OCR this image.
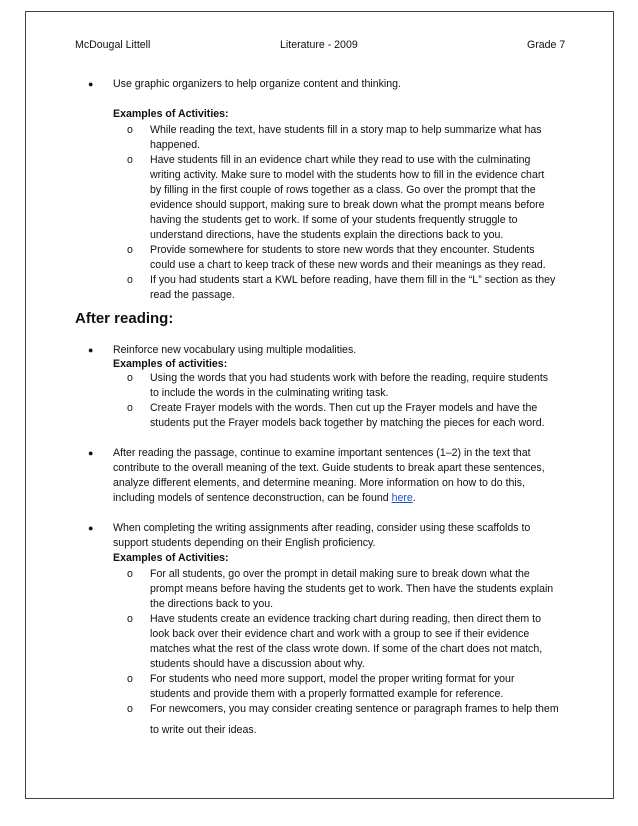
McDougal Littell	Literature - 2009	Grade 7
● Use graphic organizers to help organize content and thinking.
Examples of Activities:
o While reading the text, have students fill in a story map to help summarize what has
happened.
o Have students fill in an evidence chart while they read to use with the culminating
writing activity. Make sure to model with the students how to fill in the evidence chart
by filling in the first couple of rows together as a class. Go over the prompt that the
evidence should support, making sure to break down what the prompt means before
having the students get to work. If some of your students frequently struggle to
understand directions, have the students explain the directions back to you.
o Provide somewhere for students to store new words that they encounter. Students
could use a chart to keep track of these new words and their meanings as they read.
o If you had students start a KWL before reading, have them fill in the “L” section as they
read the passage.
After reading:
● Reinforce new vocabulary using multiple modalities.
Examples of activities:
o Using the words that you had students work with before the reading, require students
to include the words in the culminating writing task.
o Create Frayer models with the words. Then cut up the Frayer models and have the
students put the Frayer models back together by matching the pieces for each word.
● After reading the passage, continue to examine important sentences (1–2) in the text that
contribute to the overall meaning of the text. Guide students to break apart these sentences,
analyze different elements, and determine meaning. More information on how to do this,
including models of sentence deconstruction, can be found here.
● When completing the writing assignments after reading, consider using these scaffolds to
support students depending on their English proficiency.
Examples of Activities:
o For all students, go over the prompt in detail making sure to break down what the
prompt means before having the students get to work. Then have the students explain
the directions back to you.
o Have students create an evidence tracking chart during reading, then direct them to
look back over their evidence chart and work with a group to see if their evidence
matches what the rest of the class wrote down. If some of the chart does not match,
students should have a discussion about why.
o For students who need more support, model the proper writing format for your
students and provide them with a properly formatted example for reference.
o For newcomers, you may consider creating sentence or paragraph frames to help them
to write out their ideas.
